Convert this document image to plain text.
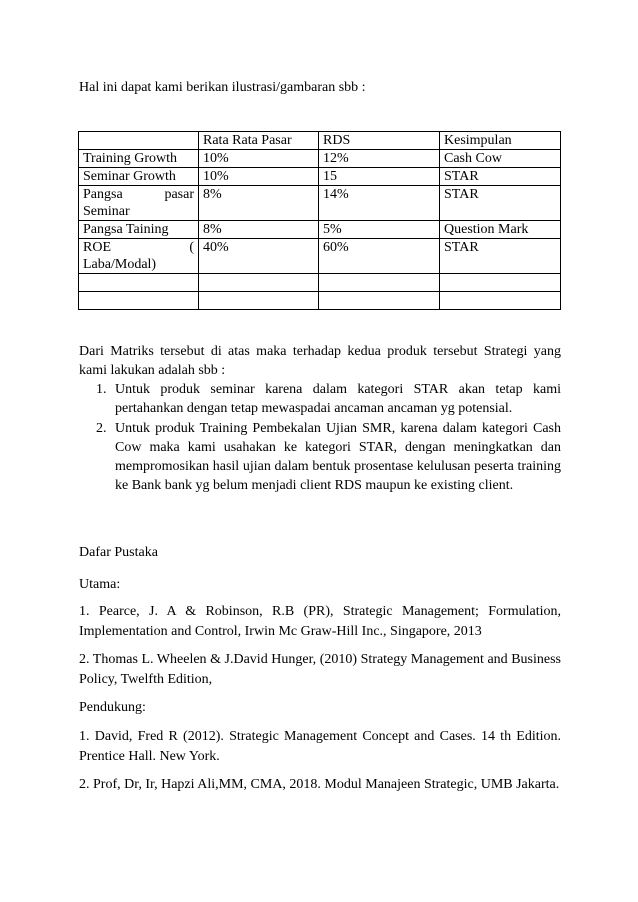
Hal ini dapat kami berikan ilustrasi/gambaran sbb :
	Rata Rata Pasar	RDS	Kesimpulan
Training Growth	10%	12%	Cash Cow
Seminar Growth	10%	15	STAR
Pangsa pasar Seminar	8%	14%	STAR
Pangsa Taining	8%	5%	Question Mark
ROE ( Laba/Modal)	40%	60%	STAR

Dari Matriks tersebut di atas maka terhadap kedua produk tersebut Strategi yang kami lakukan adalah sbb :
1. Untuk produk seminar karena dalam kategori STAR akan tetap kami pertahankan dengan tetap mewaspadai ancaman ancaman yg potensial.
2. Untuk produk Training Pembekalan Ujian SMR, karena dalam kategori Cash Cow maka kami usahakan ke kategori STAR, dengan meningkatkan dan mempromosikan hasil ujian dalam bentuk prosentase kelulusan peserta training ke Bank bank yg belum menjadi client RDS maupun ke existing client.
Dafar Pustaka
Utama:
1. Pearce, J. A & Robinson, R.B (PR), Strategic Management; Formulation, Implementation and Control, Irwin Mc Graw-Hill Inc., Singapore, 2013
2. Thomas L. Wheelen & J.David Hunger, (2010) Strategy Management and Business Policy, Twelfth Edition,
Pendukung:
1. David, Fred R (2012). Strategic Management Concept and Cases. 14 th Edition. Prentice Hall. New York.
2. Prof, Dr, Ir, Hapzi Ali,MM, CMA, 2018. Modul Manajeen Strategic, UMB Jakarta.
